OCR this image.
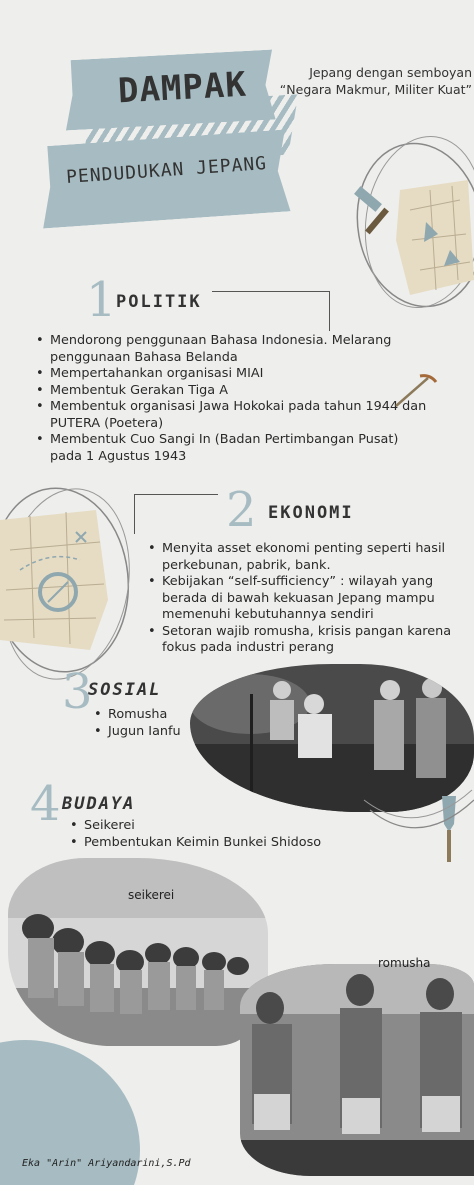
DAMPAK
PENDUDUKAN JEPANG
Jepang dengan semboyan
“Negara Makmur, Militer Kuat”
1 POLITIK
• Mendorong penggunaan Bahasa Indonesia. Melarang penggunaan Bahasa Belanda
• Mempertahankan organisasi MIAI
• Membentuk Gerakan Tiga A
• Membentuk organisasi Jawa Hokokai pada tahun 1944 dan PUTERA (Poetera)
• Membentuk Cuo Sangi In (Badan Pertimbangan Pusat) pada 1 Agustus 1943
2 EKONOMI
• Menyita asset ekonomi penting seperti hasil perkebunan, pabrik, bank.
• Kebijakan “self-sufficiency” : wilayah yang berada di bawah kekuasan Jepang mampu memenuhi kebutuhannya sendiri
• Setoran wajib romusha, krisis pangan karena fokus pada industri perang
3
SOSIAL
• Romusha
• Jugun Ianfu
4 BUDAYA
• Seikerei
• Pembentukan Keimin Bunkei Shidoso
seikerei
romusha
Eka "Arin" Ariyandarini,S.Pd
